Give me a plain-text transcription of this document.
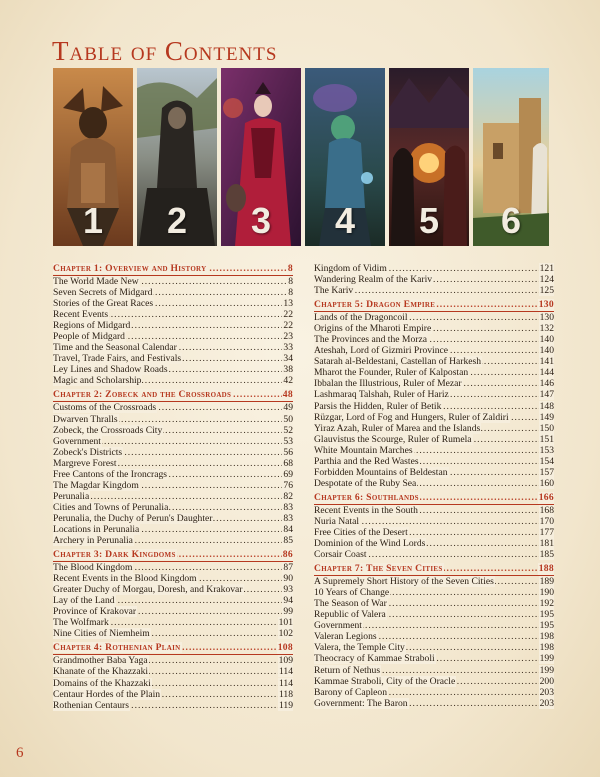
Table of Contents
1	2	3	4	5	6
.....
Chapter 1: Overview and History	8
.....
The World Made New	8
.....
Seven Secrets of Midgard	8
.....
Stories of the Great Races	13
.....
Recent Events	22
.....
Regions of Midgard	22
.....
People of Midgard	23
.....
Time and the Seasonal Calendar	33
.....
Travel, Trade Fairs, and Festivals	34
.....
Ley Lines and Shadow Roads	38
.....
Magic and Scholarship	42
.....
Chapter 2: Zobeck and the Crossroads	48
.....
Customs of the Crossroads	49
.....
Dwarven Thralls	50
.....
Zobeck, the Crossroads City	52
.....
Government	53
.....
Zobeck's Districts	56
.....
Margreve Forest	68
.....
Free Cantons of the Ironcrags	69
.....
The Magdar Kingdom	76
.....
Perunalia	82
.....
Cities and Towns of Perunalia	83
.....
Perunalia, the Duchy of Perun's Daughter	83
.....
Locations in Perunalia	84
.....
Archery in Perunalia	85
.....
Chapter 3: Dark Kingdoms	86
.....
The Blood Kingdom	87
.....
Recent Events in the Blood Kingdom	90
.....
Greater Duchy of Morgau, Doresh, and Krakovar	93
.....
Lay of the Land	94
.....
Province of Krakovar	99
.....
The Wolfmark	101
.....
Nine Cities of Niemheim	102
.....
Chapter 4: Rothenian Plain	108
.....
Grandmother Baba Yaga	109
.....
Khanate of the Khazzaki	114
.....
Domains of the Khazzaki	114
.....
Centaur Hordes of the Plain	118
.....
Rothenian Centaurs	119
.....
Kingdom of Vidim	121
.....
Wandering Realm of the Kariv	124
.....
The Kariv	125
.....
Chapter 5: Dragon Empire	130
.....
Lands of the Dragoncoil	130
.....
Origins of the Mharoti Empire	132
.....
The Provinces and the Morza	140
.....
Ateshah, Lord of Gizmiri Province	140
.....
Satarah al-Beldestani, Castellan of Harkesh	141
.....
Mharot the Founder, Ruler of Kalpostan	144
.....
Ibbalan the Illustrious, Ruler of Mezar	146
.....
Lashmaraq Talshah, Ruler of Hariz	147
.....
Parsis the Hidden, Ruler of Betik	148
.....
Rüzgar, Lord of Fog and Hungers, Ruler of Zaldiri	149
.....
Yiraz Azah, Ruler of Marea and the Islands	150
.....
Glauvistus the Scourge, Ruler of Rumela	151
.....
White Mountain Marches	153
.....
Parthia and the Red Wastes	154
.....
Forbidden Mountains of Beldestan	157
.....
Despotate of the Ruby Sea	160
.....
Chapter 6: Southlands	166
.....
Recent Events in the South	168
.....
Nuria Natal	170
.....
Free Cities of the Desert	177
.....
Dominion of the Wind Lords	181
.....
Corsair Coast	185
.....
Chapter 7: The Seven Cities	188
.....
A Supremely Short History of the Seven Cities	189
.....
10 Years of Change	190
.....
The Season of War	192
.....
Republic of Valera	195
.....
Government	195
.....
Valeran Legions	198
.....
Valera, the Temple City	198
.....
Theocracy of Kammae Straboli	199
.....
Return of Nethus	199
.....
Kammae Straboli, City of the Oracle	200
.....
Barony of Capleon	203
.....
Government: The Baron	203
6
